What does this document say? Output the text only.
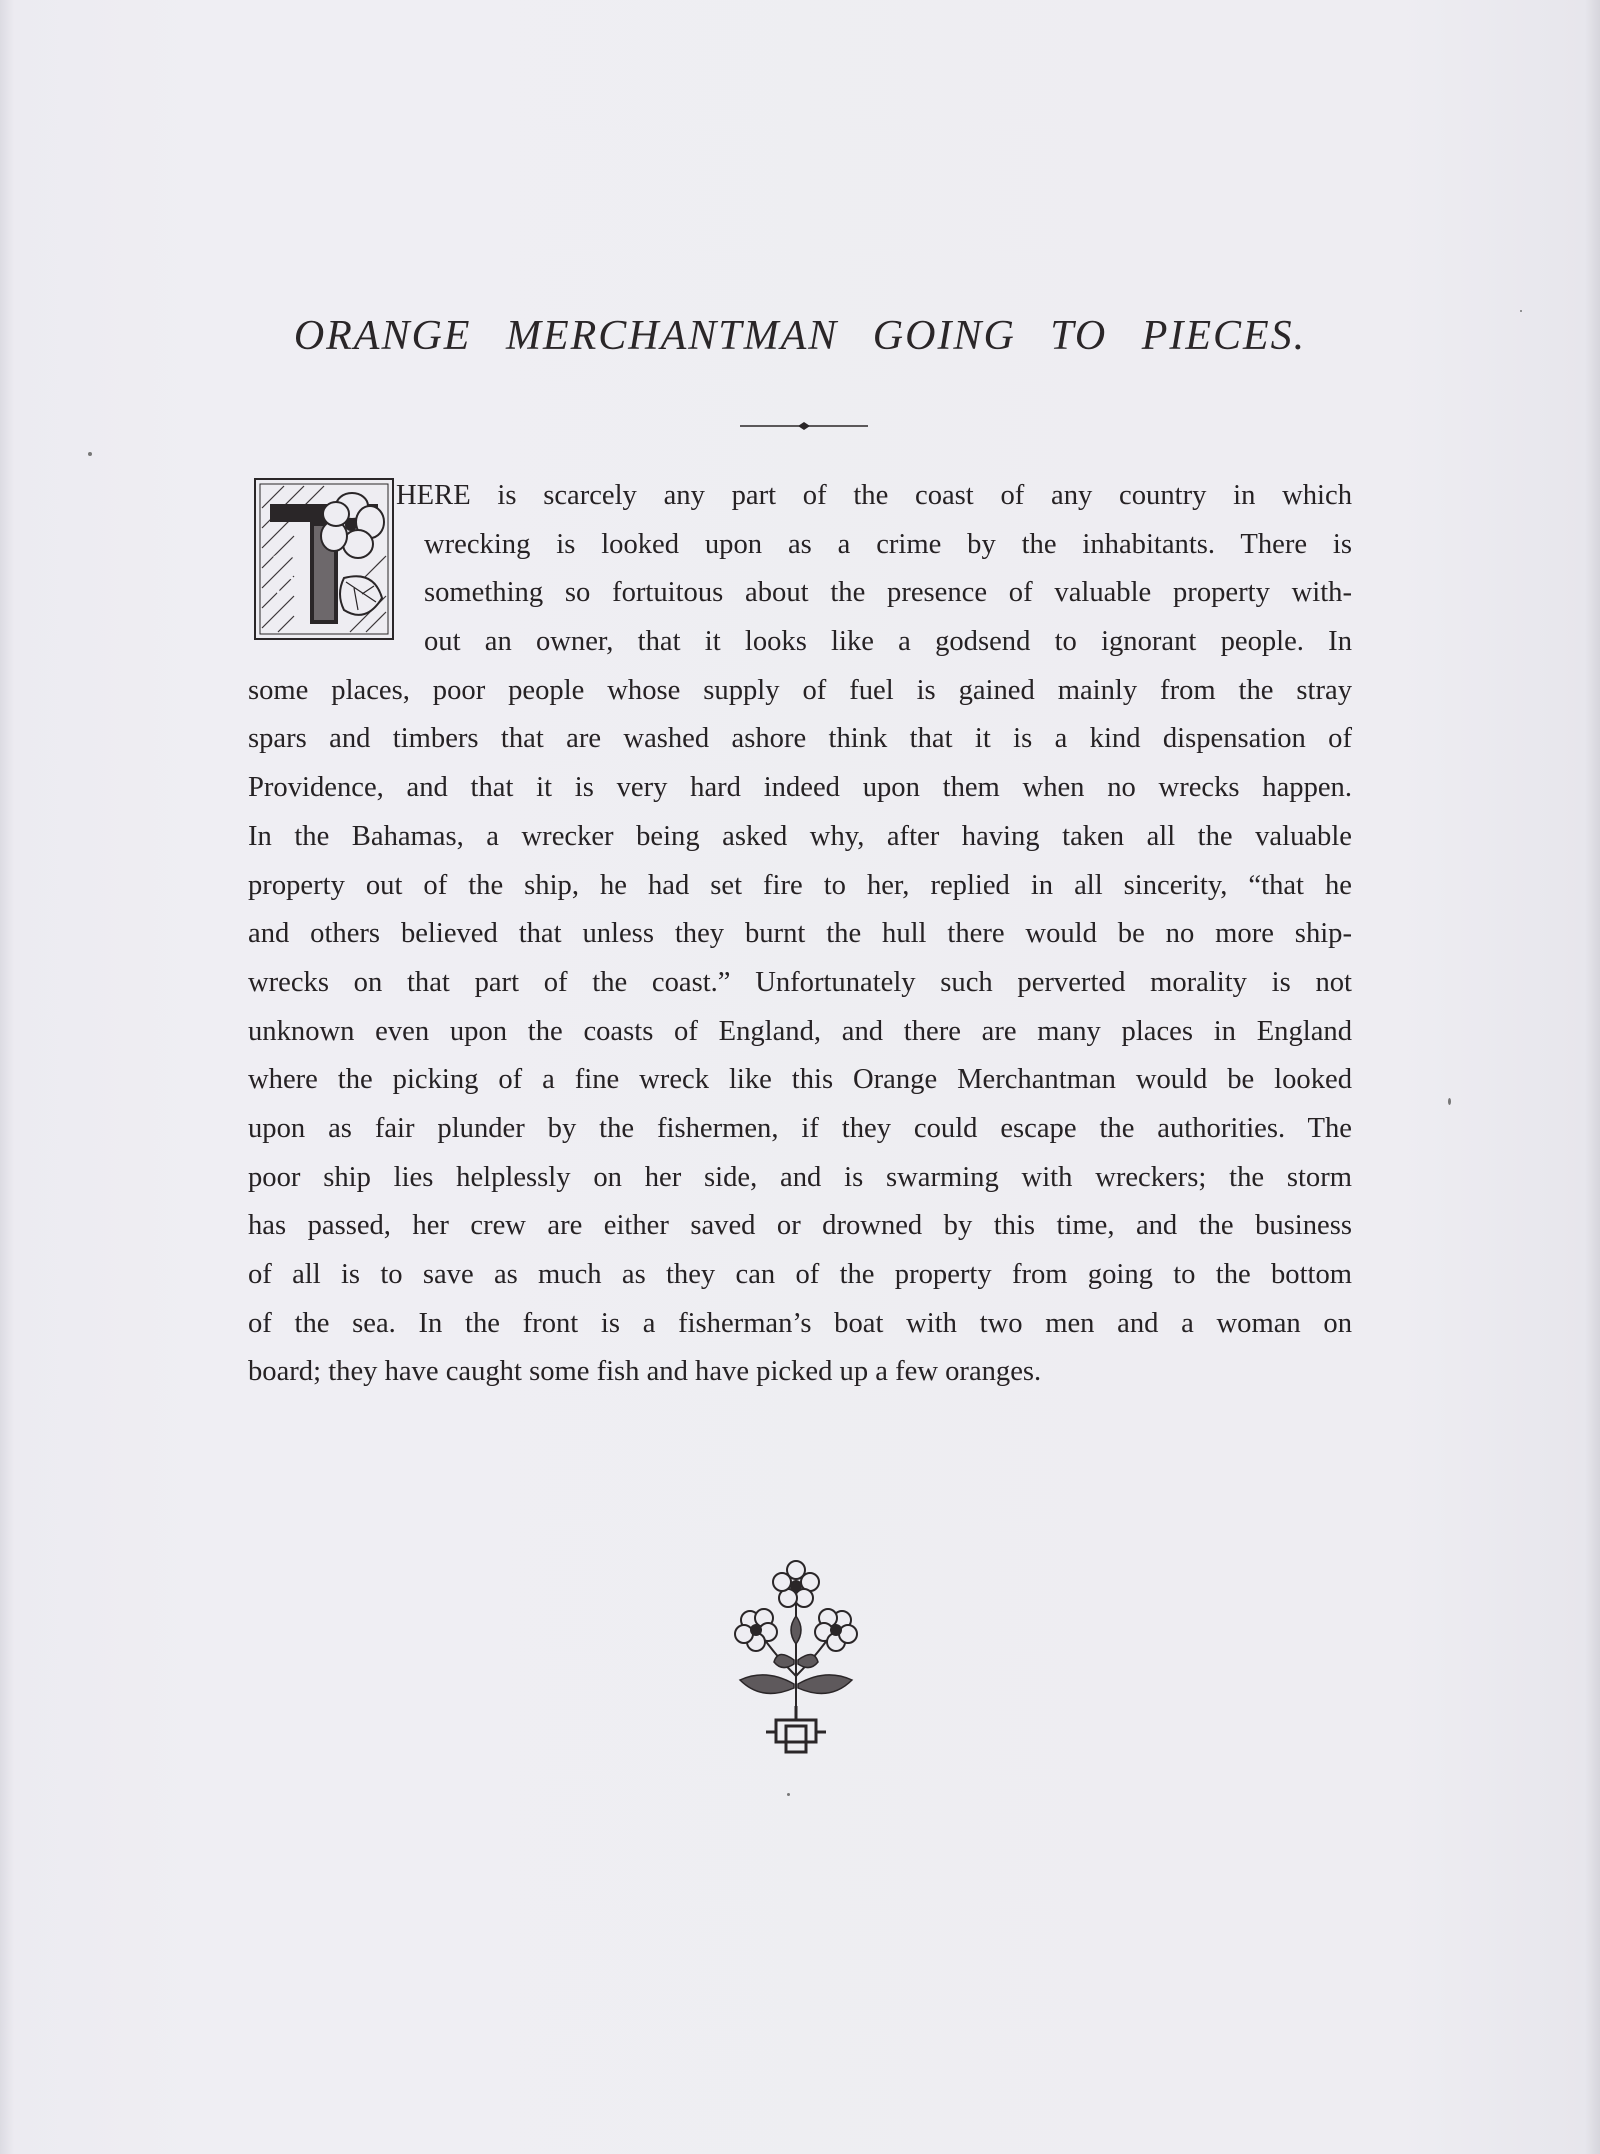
ORANGE MERCHANTMAN GOING TO PIECES.
HERE is scarcely any part of the coast of any country in which
wrecking is looked upon as a crime by the inhabitants. There is
something so fortuitous about the presence of valuable property with-
out an owner, that it looks like a godsend to ignorant people. In
some places, poor people whose supply of fuel is gained mainly from the stray
spars and timbers that are washed ashore think that it is a kind dispensation of
Providence, and that it is very hard indeed upon them when no wrecks happen.
In the Bahamas, a wrecker being asked why, after having taken all the valuable
property out of the ship, he had set fire to her, replied in all sincerity, “that he
and others believed that unless they burnt the hull there would be no more ship-
wrecks on that part of the coast.” Unfortunately such perverted morality is not
unknown even upon the coasts of England, and there are many places in England
where the picking of a fine wreck like this Orange Merchantman would be looked
upon as fair plunder by the fishermen, if they could escape the authorities. The
poor ship lies helplessly on her side, and is swarming with wreckers; the storm
has passed, her crew are either saved or drowned by this time, and the business
of all is to save as much as they can of the property from going to the bottom
of the sea. In the front is a fisherman’s boat with two men and a woman on
board; they have caught some fish and have picked up a few oranges.
